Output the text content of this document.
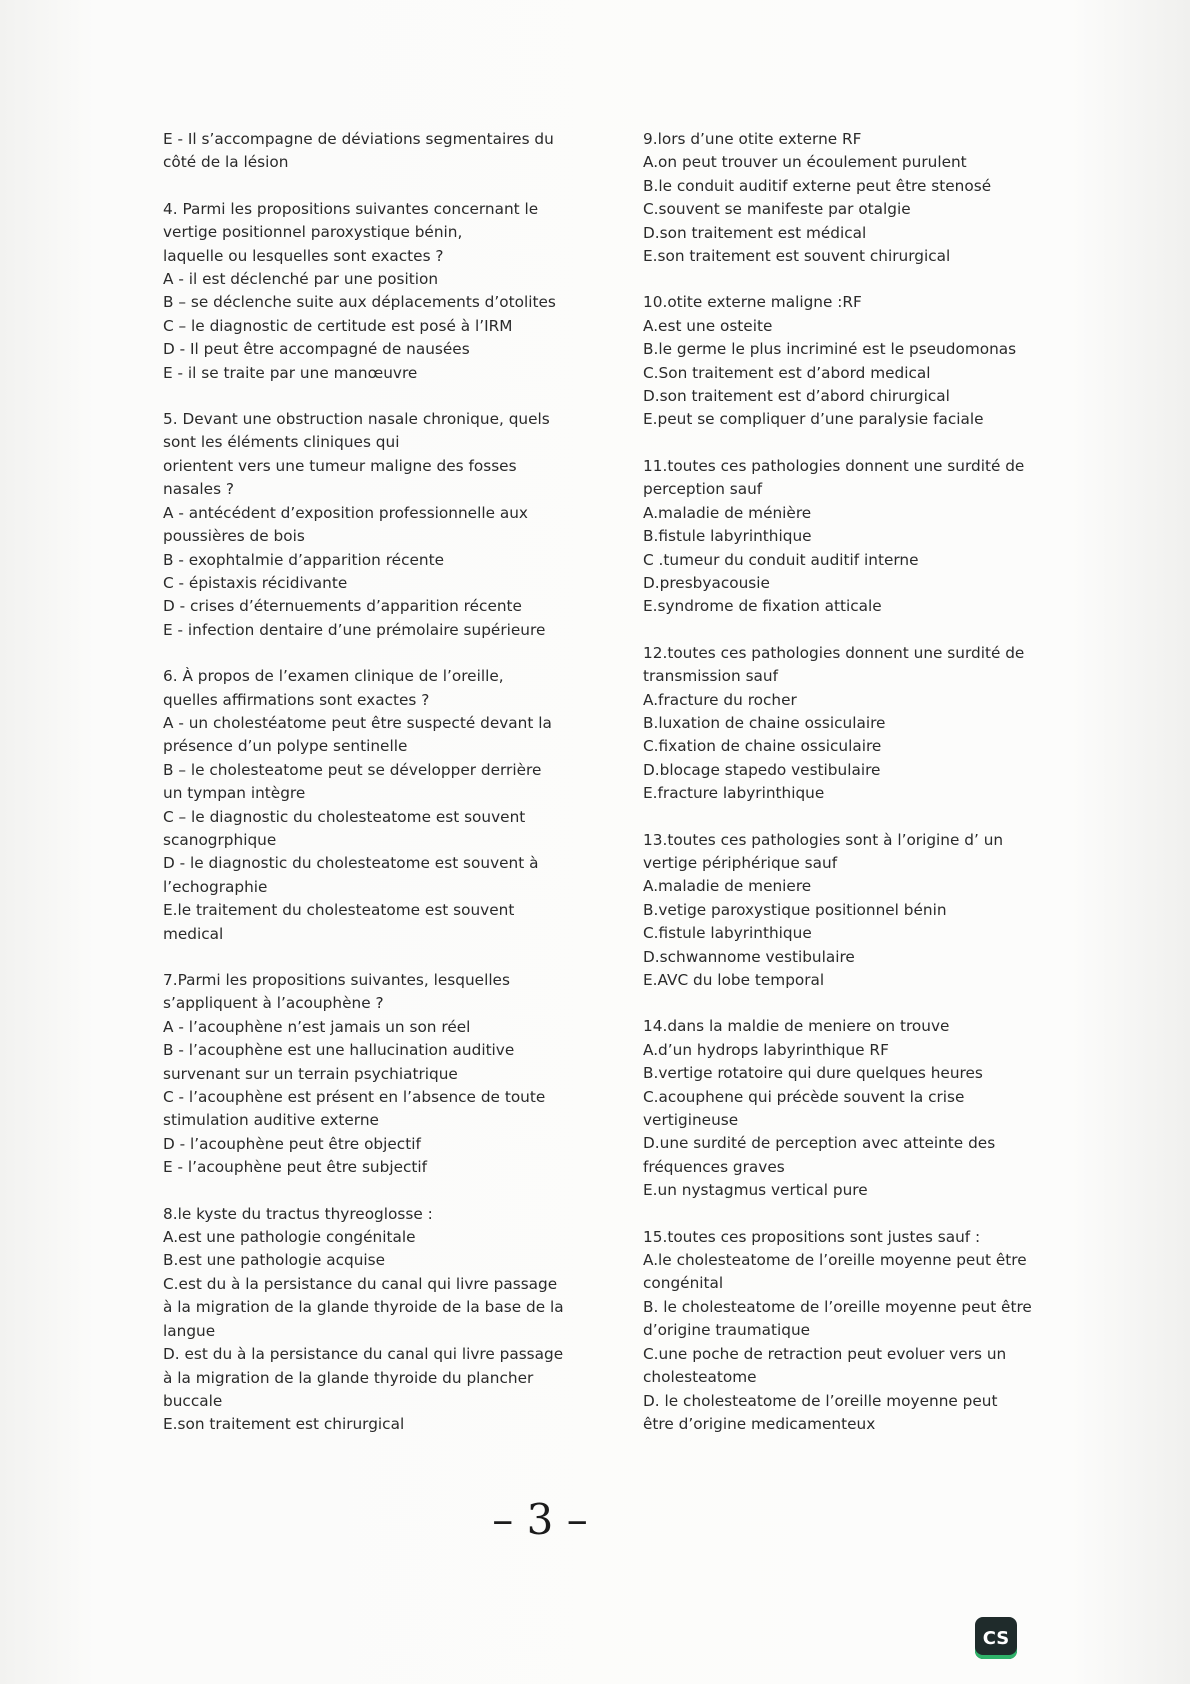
E - Il s’accompagne de déviations segmentaires du
côté de la lésion
4. Parmi les propositions suivantes concernant le
vertige positionnel paroxystique bénin,
laquelle ou lesquelles sont exactes ?
A - il est déclenché par une position
B – se déclenche suite aux déplacements d’otolites
C – le diagnostic de certitude est posé à l’IRM
D - Il peut être accompagné de nausées
E - il se traite par une manœuvre
5. Devant une obstruction nasale chronique, quels
sont les éléments cliniques qui
orientent vers une tumeur maligne des fosses
nasales ?
A - antécédent d’exposition professionnelle aux
poussières de bois
B - exophtalmie d’apparition récente
C - épistaxis récidivante
D - crises d’éternuements d’apparition récente
E - infection dentaire d’une prémolaire supérieure
6. À propos de l’examen clinique de l’oreille,
quelles affirmations sont exactes ?
A - un cholestéatome peut être suspecté devant la
présence d’un polype sentinelle
B – le cholesteatome peut se développer derrière
un tympan intègre
C – le diagnostic du cholesteatome est souvent
scanogrphique
D - le diagnostic du cholesteatome est souvent à
l’echographie
E.le traitement du cholesteatome est souvent
medical
7.Parmi les propositions suivantes, lesquelles
s’appliquent à l’acouphène ?
A - l’acouphène n’est jamais un son réel
B - l’acouphène est une hallucination auditive
survenant sur un terrain psychiatrique
C - l’acouphène est présent en l’absence de toute
stimulation auditive externe
D - l’acouphène peut être objectif
E - l’acouphène peut être subjectif
8.le kyste du tractus thyreoglosse :
A.est une pathologie congénitale
B.est une pathologie acquise
C.est du à la persistance du canal qui livre passage
à la migration de la glande thyroide de la base de la
langue
D. est du à la persistance du canal qui livre passage
à la migration de la glande thyroide du plancher
buccale
E.son traitement est chirurgical
9.lors d’une otite externe RF
A.on peut trouver un écoulement purulent
B.le conduit auditif externe peut être stenosé
C.souvent se manifeste par otalgie
D.son traitement est médical
E.son traitement est souvent chirurgical
10.otite externe maligne :RF
A.est une osteite
B.le germe le plus incriminé est le pseudomonas
C.Son traitement est d’abord medical
D.son traitement est d’abord chirurgical
E.peut se compliquer d’une paralysie faciale
11.toutes ces pathologies donnent une surdité de
perception sauf
A.maladie de ménière
B.fistule labyrinthique
C .tumeur du conduit auditif interne
D.presbyacousie
E.syndrome de fixation atticale
12.toutes ces pathologies donnent une surdité de
transmission sauf
A.fracture du rocher
B.luxation de chaine ossiculaire
C.fixation de chaine ossiculaire
D.blocage stapedo vestibulaire
E.fracture labyrinthique
13.toutes ces pathologies sont à l’origine d’ un
vertige périphérique sauf
A.maladie de meniere
B.vetige paroxystique positionnel bénin
C.fistule labyrinthique
D.schwannome vestibulaire
E.AVC du lobe temporal
14.dans la maldie de meniere on trouve
A.d’un hydrops labyrinthique RF
B.vertige rotatoire qui dure quelques heures
C.acouphene qui précède souvent la crise
vertigineuse
D.une surdité de perception avec atteinte des
fréquences graves
E.un nystagmus vertical pure
15.toutes ces propositions sont justes sauf :
A.le cholesteatome de l’oreille moyenne peut être
congénital
B. le cholesteatome de l’oreille moyenne peut être
d’origine traumatique
C.une poche de retraction peut evoluer vers un
cholesteatome
D. le cholesteatome de l’oreille moyenne peut
être d’origine medicamenteux
– 3 –
CS
